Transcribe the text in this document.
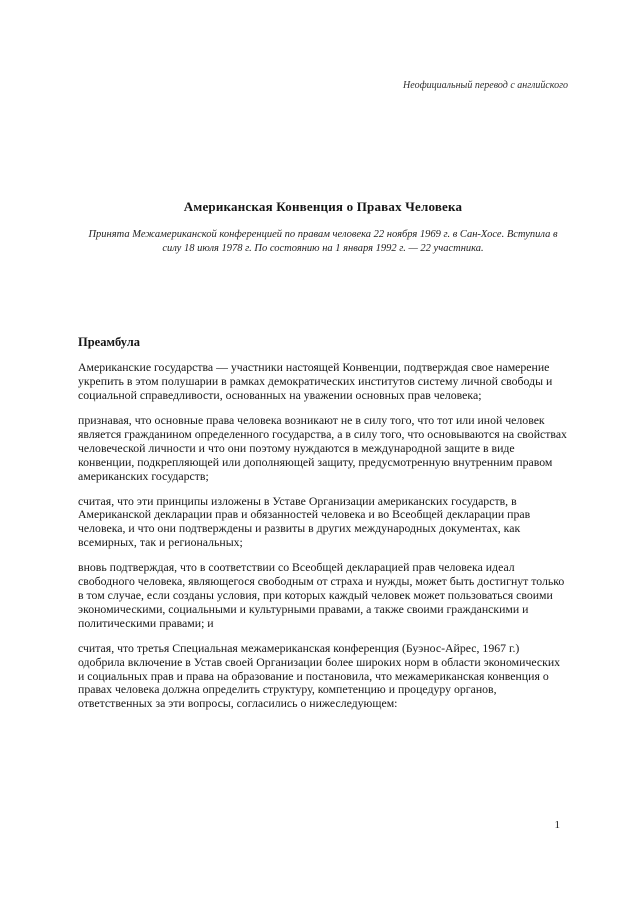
Неофициальный перевод с английского
Американская Конвенция о Правах Человека
Принята Межамериканской конференцией по правам человека 22 ноября 1969 г. в Сан-Хосе. Вступила в силу 18 июля 1978 г. По состоянию на 1 января 1992 г. — 22 участника.
Преамбула
Американские государства — участники настоящей Конвенции, подтверждая свое намерение укрепить в этом полушарии в рамках демократических институтов систему личной свободы и социальной справедливости, основанных на уважении основных прав человека;
признавая, что основные права человека возникают не в силу того, что тот или иной человек является гражданином определенного государства, а в силу того, что основываются на свойствах человеческой личности и что они поэтому нуждаются в международной защите в виде конвенции, подкрепляющей или дополняющей защиту, предусмотренную внутренним правом американских государств;
считая, что эти принципы изложены в Уставе Организации американских государств, в Американской декларации прав и обязанностей человека и во Всеобщей декларации прав человека, и что они подтверждены и развиты в других международных документах, как всемирных, так и региональных;
вновь подтверждая, что в соответствии со Всеобщей декларацией прав человека идеал свободного человека, являющегося свободным от страха и нужды, может быть достигнут только в том случае, если созданы условия, при которых каждый человек может пользоваться своими экономическими, социальными и культурными правами, а также своими гражданскими и политическими правами; и
считая, что третья Специальная межамериканская конференция (Буэнос-Айрес, 1967 г.) одобрила включение в Устав своей Организации более широких норм в области экономических и социальных прав и права на образование и постановила, что межамериканская конвенция о правах человека должна определить структуру, компетенцию и процедуру органов, ответственных за эти вопросы, согласились о нижеследующем:
1
